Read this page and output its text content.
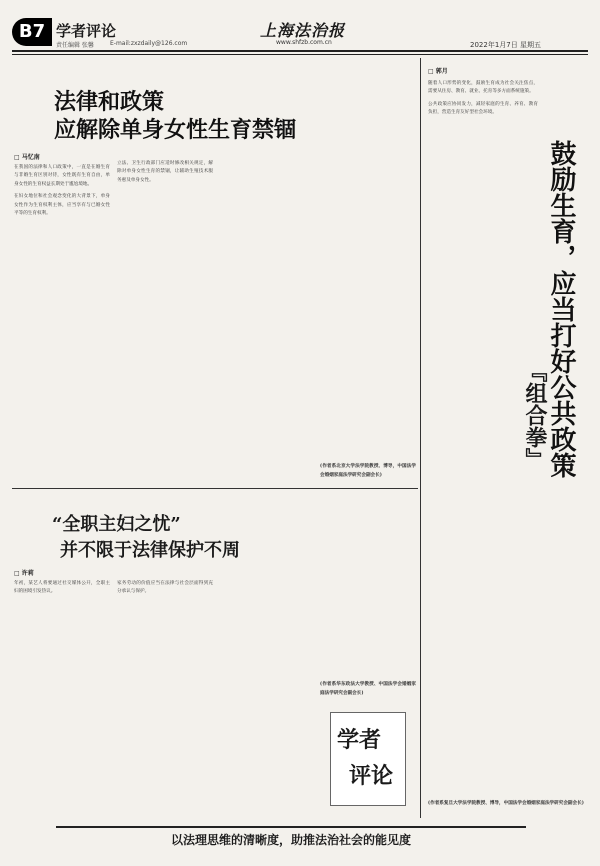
B7 学者评论
责任编辑 张馨	E-mail:zxzdaily@126.com
上海法治报
www.shfzb.com.cn	2022年1月7日 星期五
法律和政策
应解除单身女性生育禁锢
□ 马忆南

在我国的法律和人口政策中，一直是在婚生育与非婚生育区别对待，女性既有生育自由，单身女性的生育权益长期处于尴尬境地。

在妇女地位和社会观念变化的大背景下，单身女性作为生育权利主体，应当享有与已婚女性平等的生育权利。

立法、卫生行政部门应适时修改相关规定，解除对单身女性生育的禁锢，让辅助生殖技术服务惠及单身女性。

(作者系北京大学法学院教授、博导，中国法学会婚姻家庭法学研究会副会长)

“全职主妇之忧”
并不限于法律保护不周
□ 许莉

年初，某艺人将要通过社交媒体公开，全职主妇的困境引发热议。

家务劳动的价值应当在法律与社会层面得到充分承认与保护。

(作者系华东政法大学教授、中国法学会婚姻家庭法学研究会副会长)

学者
评论
□ 郭月
鼓励生育，应当打好公共政策
『组合拳』

随着人口形势的变化，鼓励生育成为社会关注焦点，需要从住房、教育、就业、托育等多方面系统施策。

公共政策应协同发力，减轻家庭的生育、养育、教育负担，营造生育友好型社会环境。

(作者系复旦大学法学院教授、博导，中国法学会婚姻家庭法学研究会副会长)

以法理思维的清晰度，助推法治社会的能见度
